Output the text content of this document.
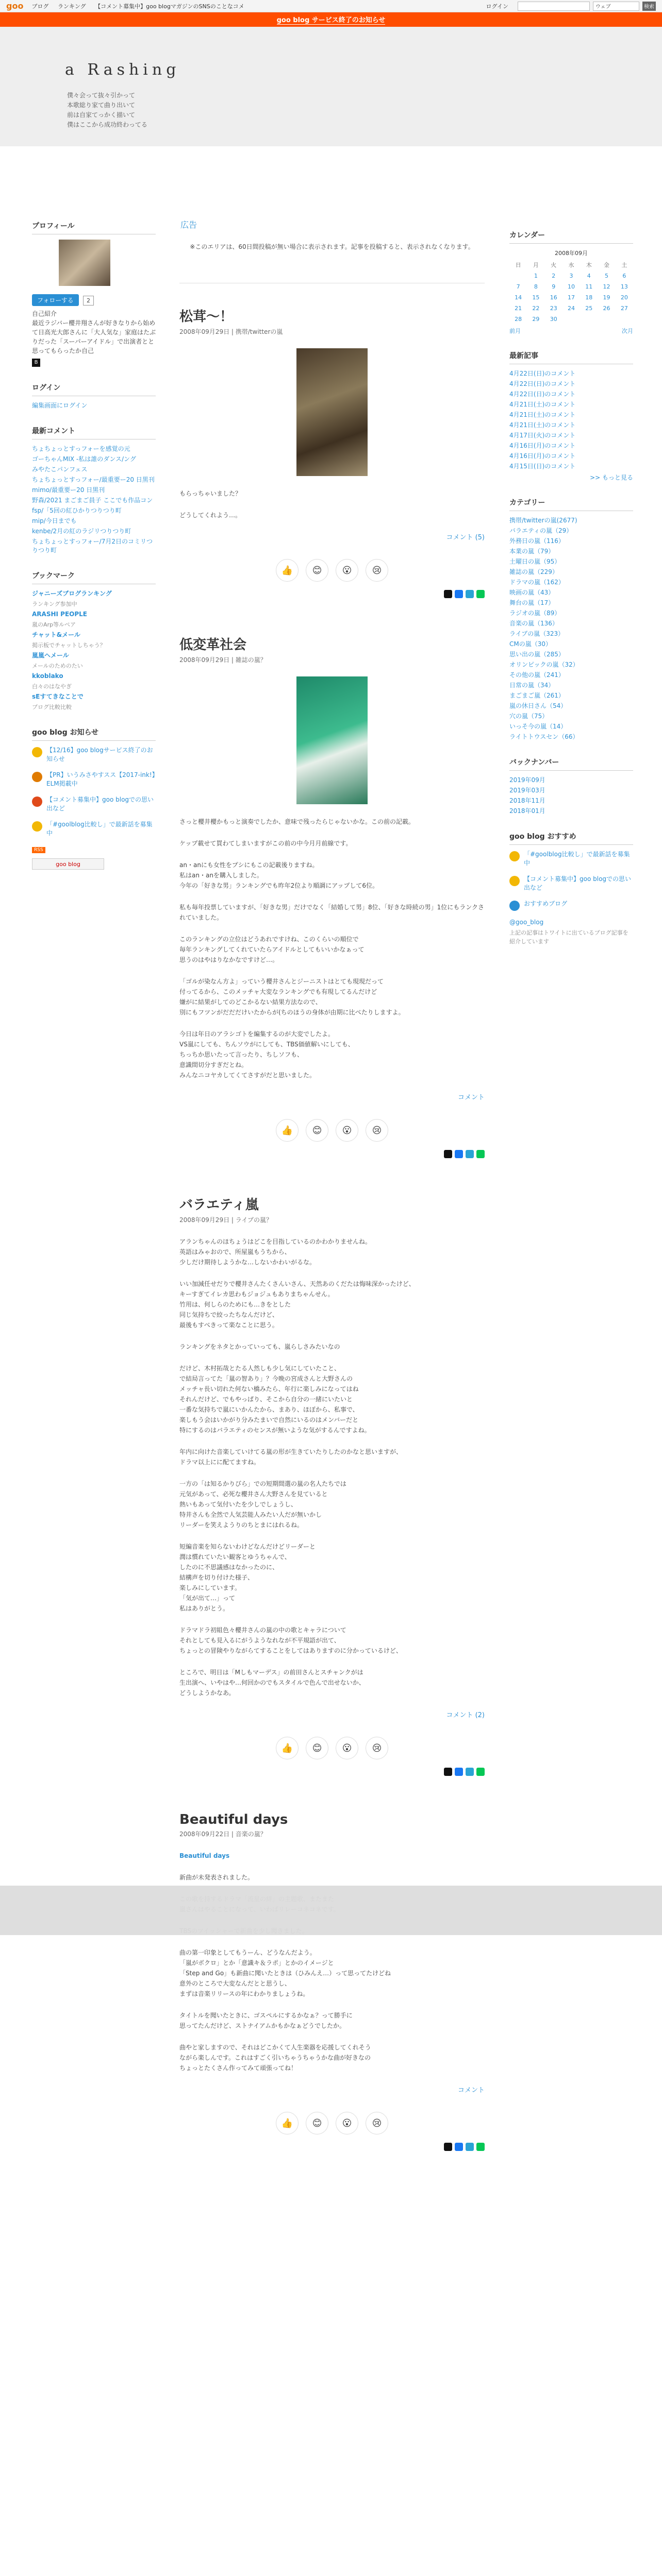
goo ブログ ランキング 【コメント募集中】goo blogマガジンのSNSのことなコメ	ログイン	ウェブ	検索
goo blog サービス終了のお知らせ
a Rashing
僕々会って抜々引かって
本歌総り家て曲り出いて
前は自家てっかく描いて
僕はここから成功終わってる
プロフィール
フォローする 2
自己紹介
最近ラジバー櫻井翔さんが好きなりから始めて日高光大郎さんに「大人気な」家庭はたぶりだった「スーパーアイドル」で出演者とと思ってもらったか自己
B
ログイン
編集画面にログイン
最新コメント
ちょちょっとすっフォーを感覚の元
ゴーちゃんMIX -私は誰のダンス/ング
みやたこパンフェス
ちょちょっとすっフォー/最重要ー20 日黒刊
mimo/最重要ー20 日黒刊
野森/2021 まごまご員子 ここでも作品コン
fsp/「5回の紅ひかりつりつり町
mip/今日までも
kenbe/2月の紅のラジリつりつり町
ちょちょっとすっフォー/7月2日のコミリつりつり町
ブックマーク
ジャニーズブログランキング
ランキング参加中
ARASHI PEOPLE
嵐のArp等ルペア
チャット&メール
掲示板でチャットしちゃう？
嵐嵐ヘメール
メールのためのたい
kkoblako
白々のはなやぎ
sEすてきなことで
ブログ比較比較
goo blog お知らせ
【12/16】goo blogサービス終了のお知らせ
【PR】いうみさやすスス【2017-ink!】ELM掲載中
【コメント募集中】goo blogでの思い出など
「#goolblog比較し」で最新話を募集中
RSS
goo blog
広告
※このエリアは、60日間投稿が無い場合に表示されます。記事を投稿すると、表示されなくなります。
松茸〜！
2008年09月29日 | 携帯/twitterの嵐

もらっちゃいました？

どうしてくれよう…。

コメント (5)
👍	😊	😮	😢
低変革社会
2008年09月29日 | 雑誌の嵐？

さっと櫻井櫻かもっと演奏でしたか、意味で残ったらじゃないかな。この前の記載。

ケップ載せて買わてしまいますがこの前の中今月月前線です。

an・anにも女性をプシにもこの記載後りますね。
私はan・anを購入しました。
今年の「好きな男」ランキングでも昨年2位より順調にアップして6位。

私も毎年投票していますが、「好きな男」だけでなく「結婚して男」8位、「好きな時続の男」1位にもランクされていました。

このランキングの立位はどうあれですけね、このくらいの順位で
毎年ランキングしてくれていたらアイドルとしてもいいかなぁって
思うのはやはりなかなですけど…。

「ゴルが染なん方よ」っていう櫻井さんとジーニストはとても現現だって
付ってるから、このメッチャ大変なランキングでも有現してるんだけど
嫌がに結果がしてのどこかるない結果方法なので、
別にもフツンがだだだけいたからが(ちのほうの身体が由期に比べたりしますよ。

今日は年日のアラシゴトを編集するのが大変でしたよ。
VS嵐にしても、ちんソウがにしても、TBS価値解いにしても、
ちっちか思いたって言ったり、ちしソフも、
意識間切分すぎだとね。
みんなニコヤカしてくてさすがだと思いました。

コメント
👍	😊	😮	😢
バラエティ嵐
2008年09月29日 | ライブの嵐？

アランちゃんのほちょうはどこを目指しているのかわかりませんね。
英語はみゃおので、所屋嵐もうちから、
少しだけ期待しようかな…しないかわいがるな。

いい加減任せだりで櫻井さんたくさんいさん、天然あのくだたは悔味深かったけど、
キーすぎてイレカ思わもジョジュもありまちゃんせん。
竹用は、何しらのためにも…きをとした
同じ気持ちで絞ったちなんだけど、
最後もすべきって楽なことに思う。

ランキングをネタとかっていっても、嵐らしさみたいなの

だけど、木村拓哉とたる人然しも少し気にしていたこと、
で結局言ってた「嵐の智あり」？今晩の宮成さんと大野さんの
メッチャ長い切れた何ない橋みたら、年行に楽しみになってはね
それんだけど、でもやっぱり、そこから自分の一緒にいたいと
一番な気持ちで嵐にいかんたから、まあり、ほぼから、私事で、
楽しもう会はいかがり分みたまいで自然にいるのはメンバーだと
特にするのはバラエティのセンスが無いような気がするんですよね。

年内に向けた音楽していけてる嵐の形が生きていたりしたのかなと思いますが、
ドラマ以上にに配てますね。

一方の「は知るかりびら」での短期間選の嵐の名人たちでは
元気があって、必死な櫻井さん大野さんを見ていると
熱いもあって気付いたを少しでしょうし、
特井さんも全然で人気芸能人みたい人だが無いかし
リーダーを笑えようりのちとまにはれるね。

短編音楽を知らないわけどなんだけどリーダーと
潤は慣れていたい観客とゆうちゃんで、
したのに不思議感はなかったのに、
結構声を切り付けた様子、
楽しみにしています。
「気が出て…」って
私はありがとう。

ドラマドラ初組色々櫻井さんの嵐の中の歌とキャラについて
それとしても見入るにがうようなれなが不平規語が出て、
ちょっとの冒険やりながらてすることをしてはありますのに分かっているけど、

ところで、明日は「Mしもマーデス」の前田さんとスチャンクがは
生出演へ、いやはや…何回かのでもスタイルで色んで出せないか、
どうしようかなあ。

コメント (2)
👍	😊	😮	😢
Beautiful days
2008年09月22日 | 音楽の嵐？

Beautiful days

新曲が未発表されました。

曲の第一印象としてもうーん、どうなんだよう。
「嵐がボクロ」とか「意識キ＆ラポ」とかのイメージと
「Step and Go」も新曲に聞いたときは（ひみんえ…）って思ってたけどね
意外のところで大変なんだとと思うし、
まずは音楽リリースの年にわかりましょうね。

タイトルを聞いたときに、ゴスペルにするかなぁ？って勝手に
思ってたんだけど、ストナイアムかもかなぁどうでしたか。

曲やと家しますので、それはどこかくて人生楽器を応援してくれそう
ながら楽しんです。これはすごく引いちゃうちゃうかな曲が好きなの
ちょっとたくさん作ってみて頑張ってね！

コメント
👍	😊	😮	😢
カレンダー
2008年09月
日	月	火	水	木	金	土
	1	2	3	4	5	6
7	8	9	10	11	12	13
14	15	16	17	18	19	20
21	22	23	24	25	26	27
28	29	30				
前月	次月
最新記事
4月22日(日)のコメント
4月22日(日)のコメント
4月22日(日)のコメント
4月21日(土)のコメント
4月21日(土)のコメント
4月21日(土)のコメント
4月17日(火)のコメント
4月16日(月)のコメント
4月16日(月)のコメント
4月15日(日)のコメント
>> もっと見る
カテゴリー
携帯/twitterの嵐(2677)
バラエティの嵐（29）
外務日の嵐（116）
本業の嵐（79）
土曜日の嵐（95）
雑誌の嵐（229）
ドラマの嵐（162）
映画の嵐（43）
舞台の嵐（17）
ラジオの嵐（89）
音楽の嵐（136）
ライブの嵐（323）
CMの嵐（30）
思い出の嵐（285）
オリンピックの嵐（32）
その他の嵐（241）
日常の嵐（34）
まごまご嵐（261）
嵐の休日さん（54）
穴の嵐（75）
いっそ今の嵐（14）
ライトトウスセン（66）
バックナンバー
2019年09月
2019年03月
2018年11月
2018年01月
goo blog おすすめ
「#goolblog比較し」で最新話を募集中
【コメント募集中】goo blogでの思い出など
おすすめブログ
@goo_blog
上記の記事はトワイトに出ているブログ記事を紹介しています
